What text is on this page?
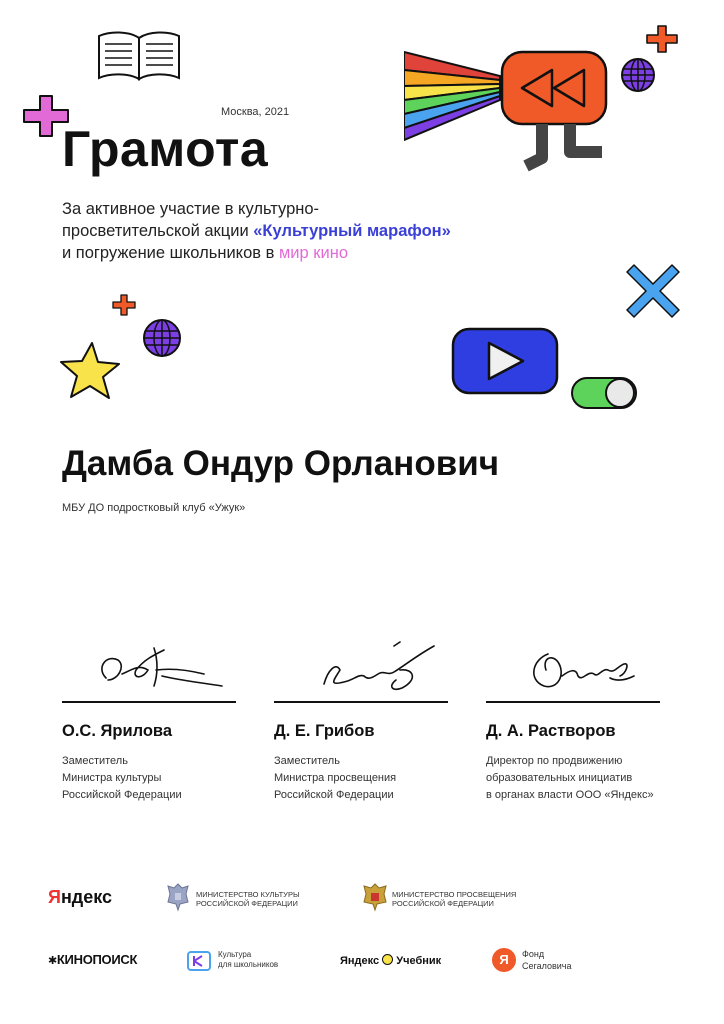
Москва, 2021
Грамота
За активное участие в культурно-
просветительской акции «Культурный марафон»
и погружение школьников в мир кино
Дамба Ондур Орланович
МБУ ДО подростковый клуб «Ужук»
О.С. Ярилова
Заместитель
Министра культуры
Российской Федерации
Д. Е. Грибов
Заместитель
Министра просвещения
Российской Федерации
Д. А. Растворов
Директор по продвижению
образовательных инициатив
в органах власти ООО «Яндекс»
Яндекс	МИНИСТЕРСТВО КУЛЬТУРЫ
РОССИЙСКОЙ ФЕДЕРАЦИИ
МИНИСТЕРСТВО ПРОСВЕЩЕНИЯ
РОССИЙСКОЙ ФЕДЕРАЦИИ
✱КИНОПОИСК	Культура
для школьников	Яндекс Учебник	Я	Фонд
Сегаловича
